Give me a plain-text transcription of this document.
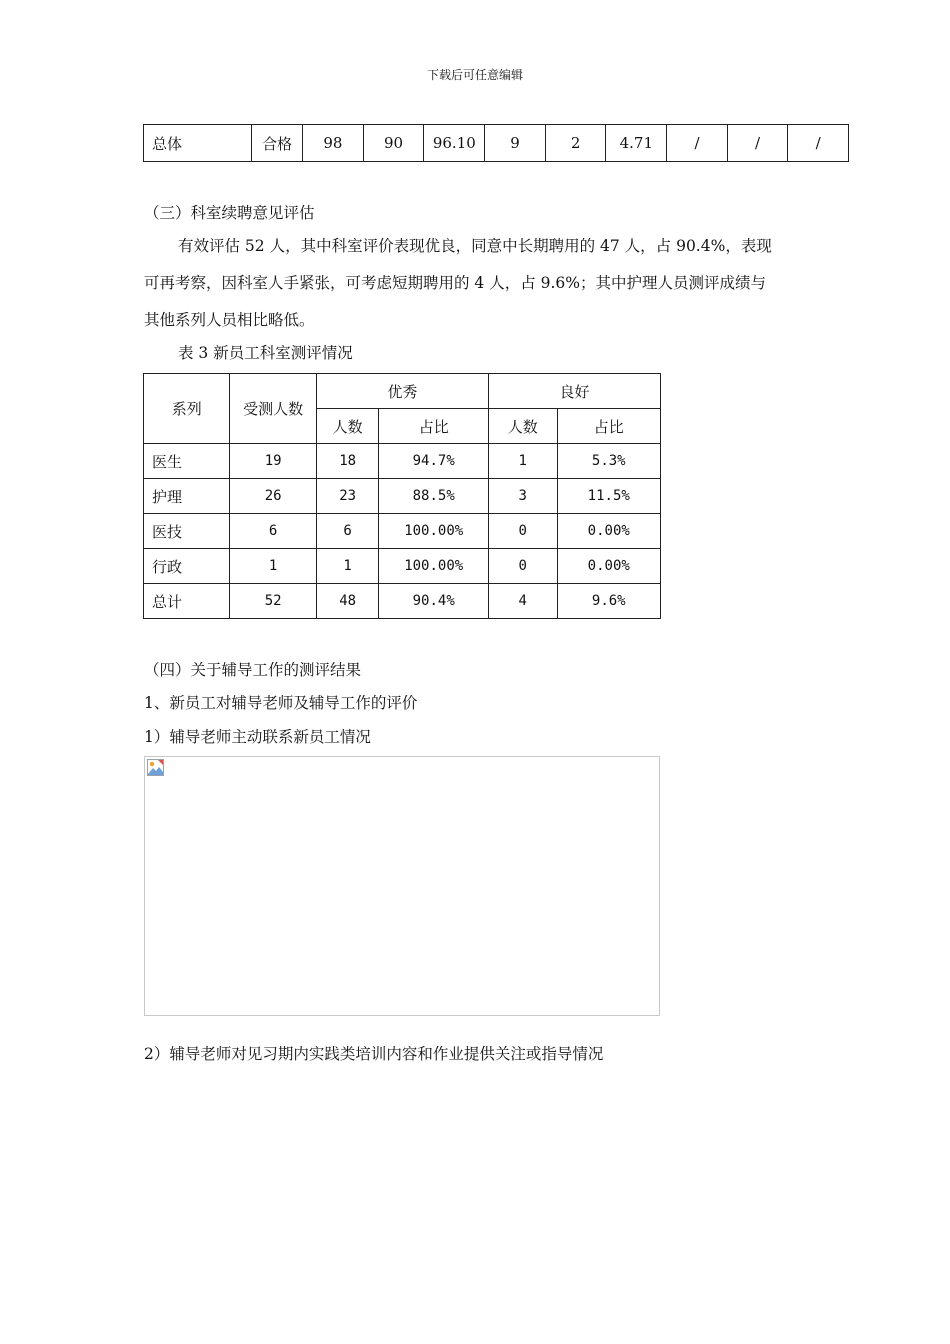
下载后可任意编辑
总体	合格	98	90	96.10	9	2	4.71	/	/	/
（三）科室续聘意见评估
有效评估 52 人，其中科室评价表现优良，同意中长期聘用的 47 人，占 90.4%，表现
可再考察，因科室人手紧张，可考虑短期聘用的 4 人，占 9.6%；其中护理人员测评成绩与
其他系列人员相比略低。
表 3 新员工科室测评情况
系列	受测人数	优秀		良好	
		人数	占比	人数	占比
医生	19	18	94.7%	1	5.3%
护理	26	23	88.5%	3	11.5%
医技	6	6	100.00%	0	0.00%
行政	1	1	100.00%	0	0.00%
总计	52	48	90.4%	4	9.6%
（四）关于辅导工作的测评结果
1、新员工对辅导老师及辅导工作的评价
1）辅导老师主动联系新员工情况
2）辅导老师对见习期内实践类培训内容和作业提供关注或指导情况
